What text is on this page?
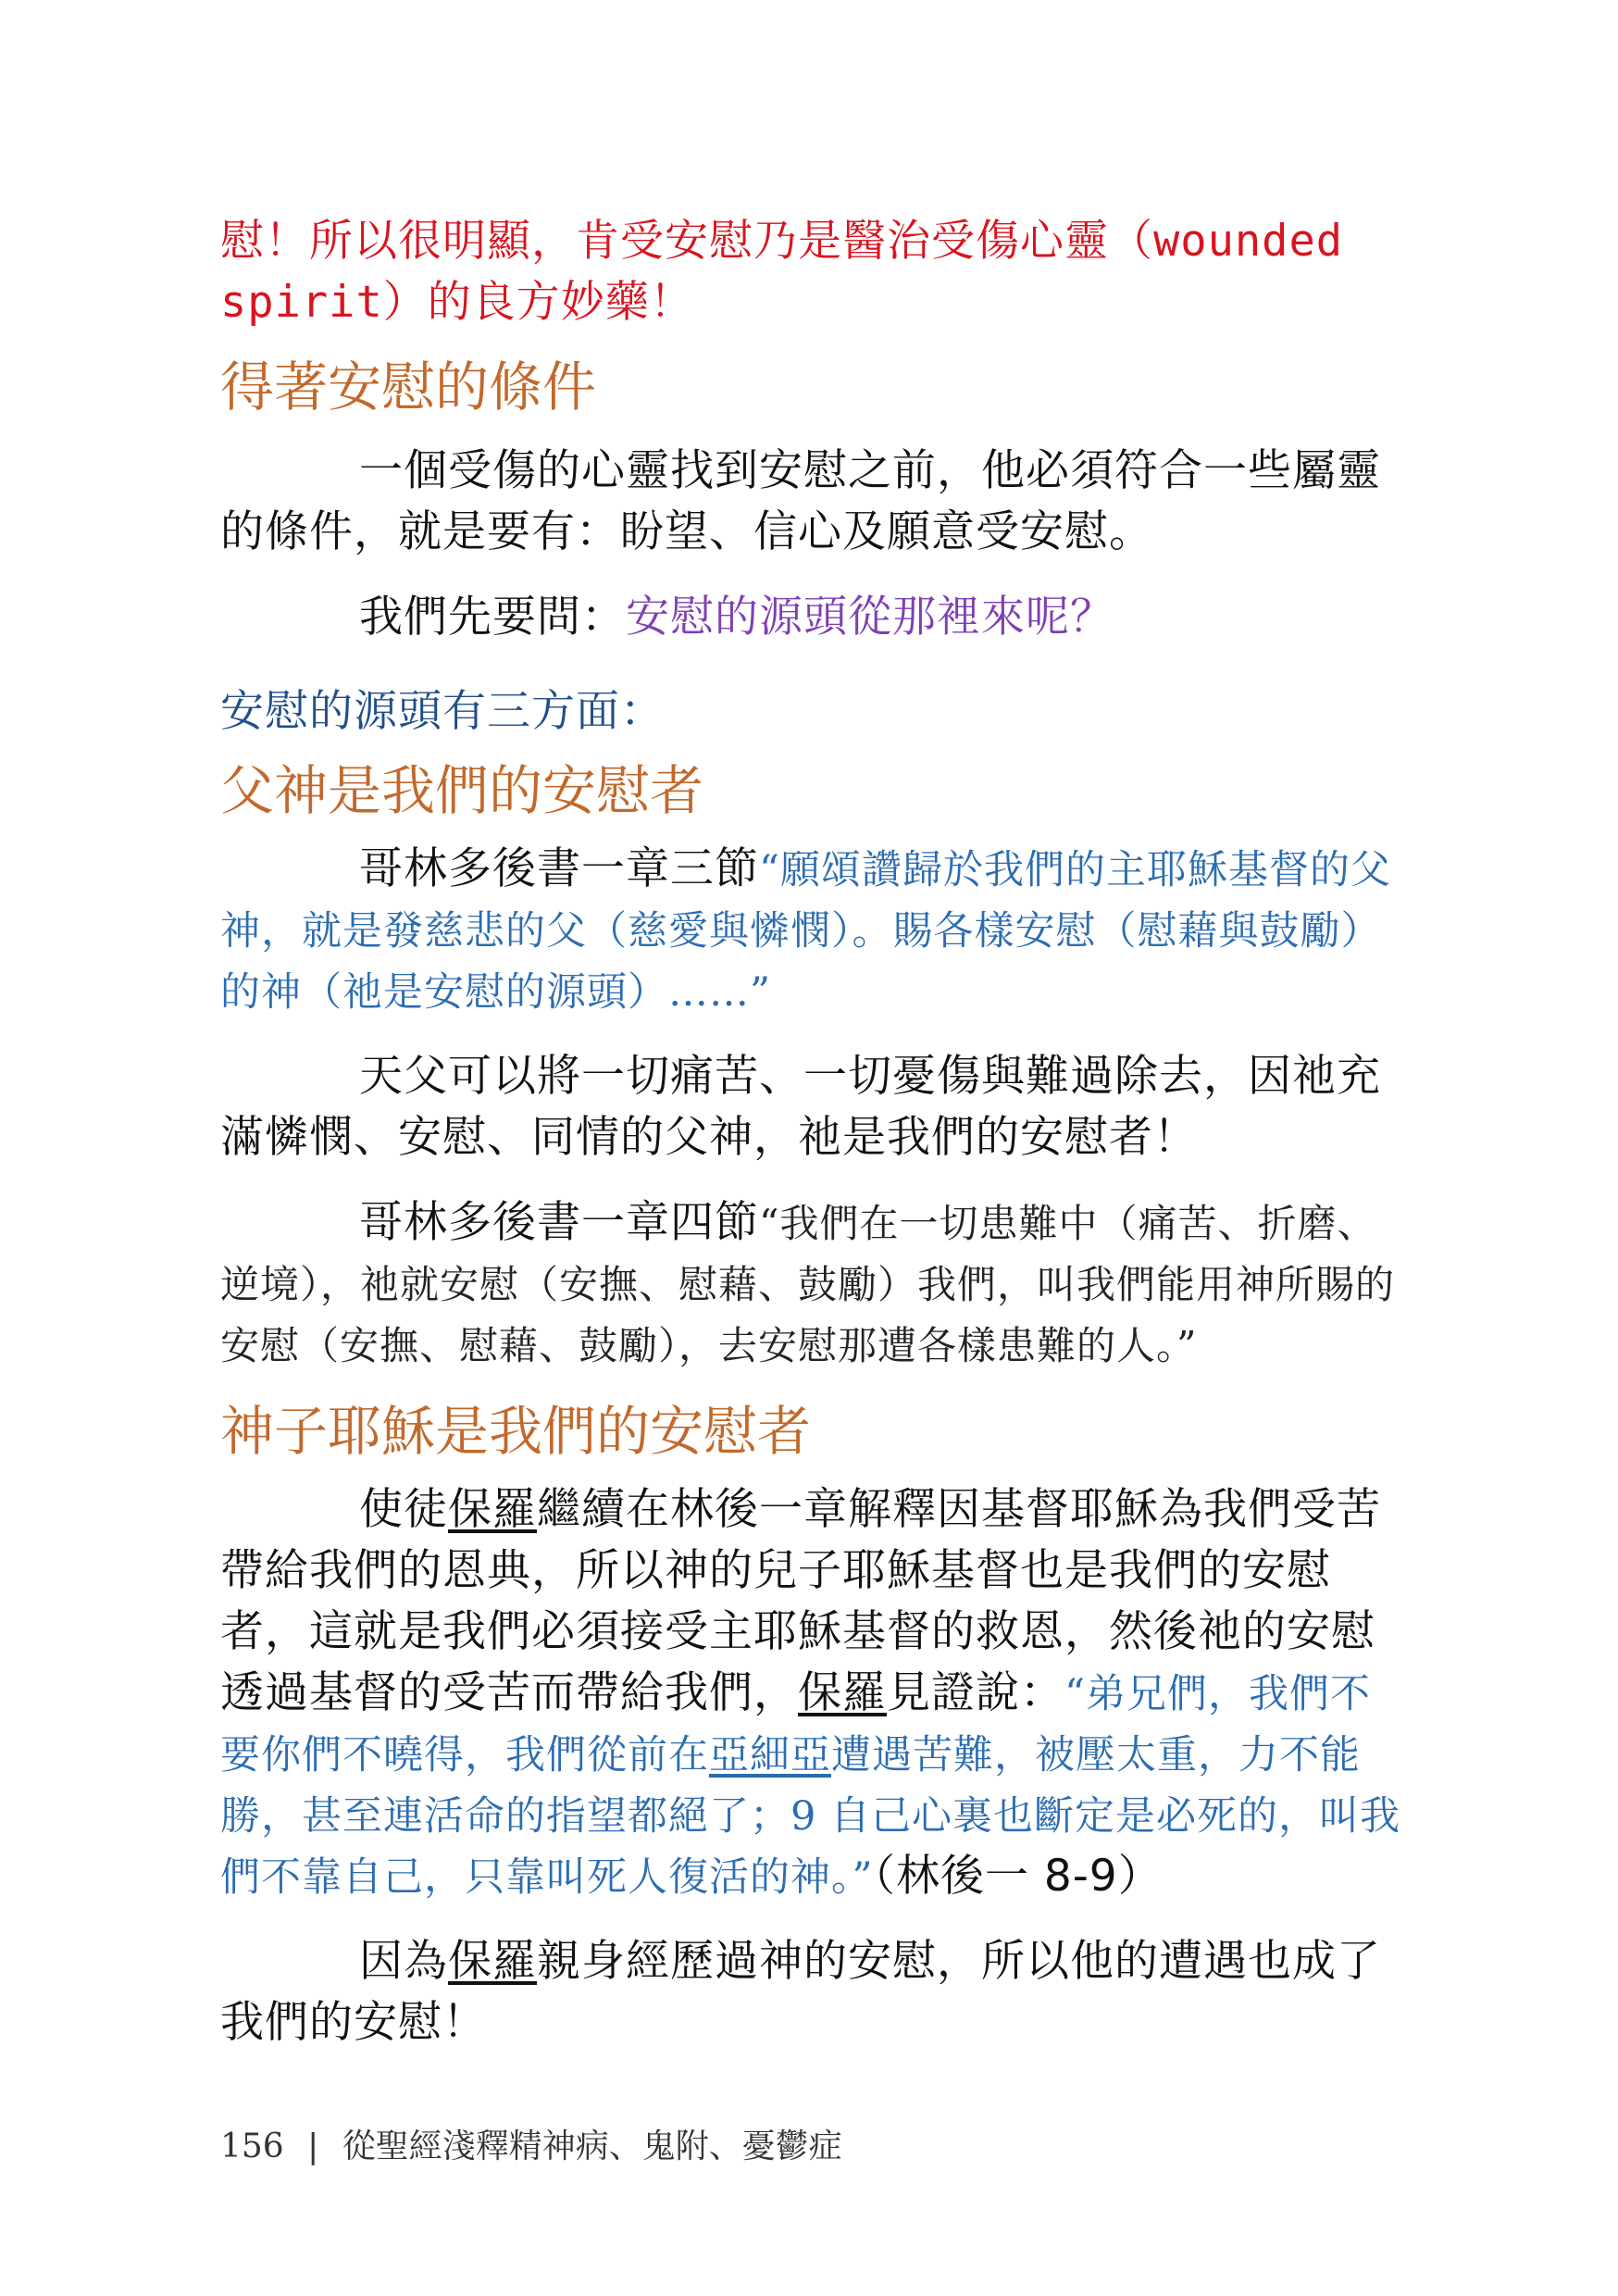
慰！所以很明顯，肯受安慰乃是醫治受傷心靈（wounded spirit）的良方妙藥！

得著安慰的條件

一個受傷的心靈找到安慰之前，他必須符合一些屬靈的條件，就是要有：盼望、信心及願意受安慰。

我們先要問：安慰的源頭從那裡來呢？

安慰的源頭有三方面：

父神是我們的安慰者

哥林多後書一章三節“願頌讚歸於我們的主耶穌基督的父神，就是發慈悲的父（慈愛與憐憫）。賜各樣安慰（慰藉與鼓勵）的神（祂是安慰的源頭）……”

天父可以將一切痛苦、一切憂傷與難過除去，因祂充滿憐憫、安慰、同情的父神，祂是我們的安慰者！

哥林多後書一章四節“我們在一切患難中（痛苦、折磨、逆境），祂就安慰（安撫、慰藉、鼓勵）我們，叫我們能用神所賜的安慰（安撫、慰藉、鼓勵），去安慰那遭各樣患難的人。”

神子耶穌是我們的安慰者

使徒保羅繼續在林後一章解釋因基督耶穌為我們受苦帶給我們的恩典，所以神的兒子耶穌基督也是我們的安慰者，這就是我們必須接受主耶穌基督的救恩，然後祂的安慰透過基督的受苦而帶給我們，保羅見證說：“弟兄們，我們不要你們不曉得，我們從前在亞細亞遭遇苦難，被壓太重，力不能勝，甚至連活命的指望都絕了；9 自己心裏也斷定是必死的，叫我們不靠自己，只靠叫死人復活的神。”（林後一 8-9）

因為保羅親身經歷過神的安慰，所以他的遭遇也成了我們的安慰！

156 | 從聖經淺釋精神病、鬼附、憂鬱症
